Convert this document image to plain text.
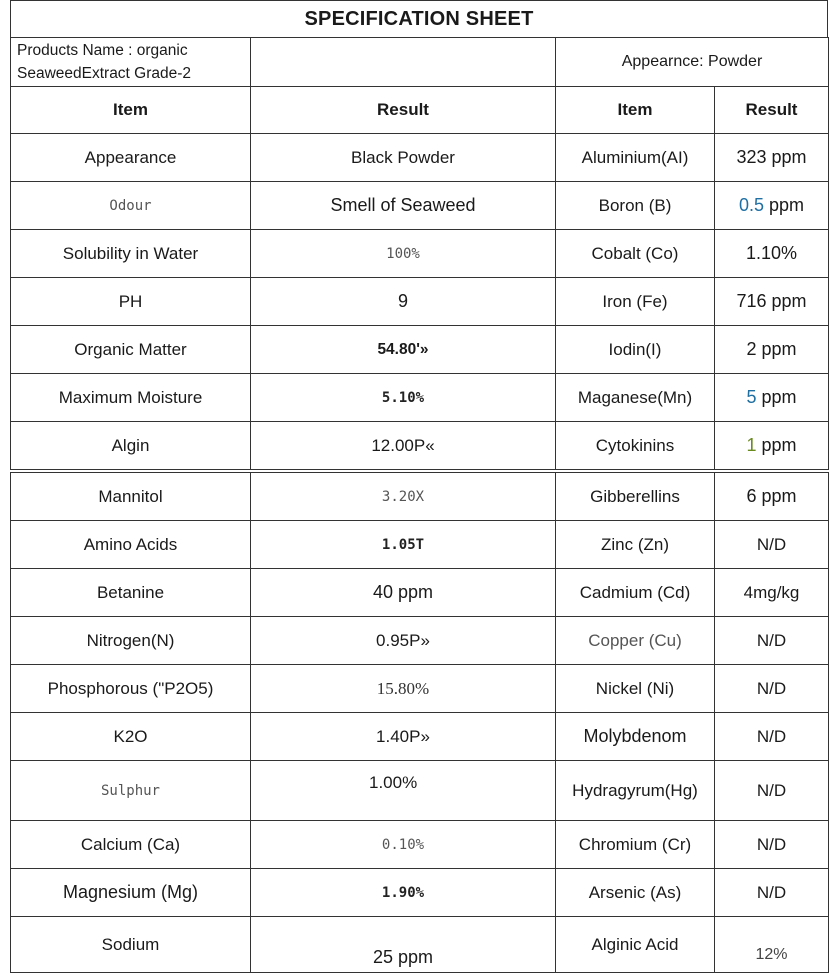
SPECIFICATION SHEET
Products Name : organic SeaweedExtract Grade-2		Appearnce: Powder	
Item	Result	Item	Result
Appearance	Black Powder	Aluminium(AI)	323 ppm
Odour	Smell of Seaweed	Boron (B)	0.5 ppm
Solubility in Water	100%	Cobalt (Co)	1.10%
PH	9	Iron (Fe)	716 ppm
Organic Matter	54.80'»	Iodin(I)	2 ppm
Maximum Moisture	5.10%	Maganese(Mn)	5 ppm
Algin	12.00P«	Cytokinins	1 ppm
Mannitol	3.20X	Gibberellins	6 ppm
Amino Acids	1.05T	Zinc (Zn)	N/D
Betanine	40 ppm	Cadmium (Cd)	4mg/kg
Nitrogen(N)	0.95P»	Copper (Cu)	N/D
Phosphorous ("P2O5)	15.80%	Nickel (Ni)	N/D
K2O	1.40P»	Molybdenom	N/D
Sulphur	1.00%	Hydragyrum(Hg)	N/D
Calcium (Ca)	0.10%	Chromium (Cr)	N/D
Magnesium (Mg)	1.90%	Arsenic (As)	N/D
Sodium	25 ppm	Alginic Acid	12%
